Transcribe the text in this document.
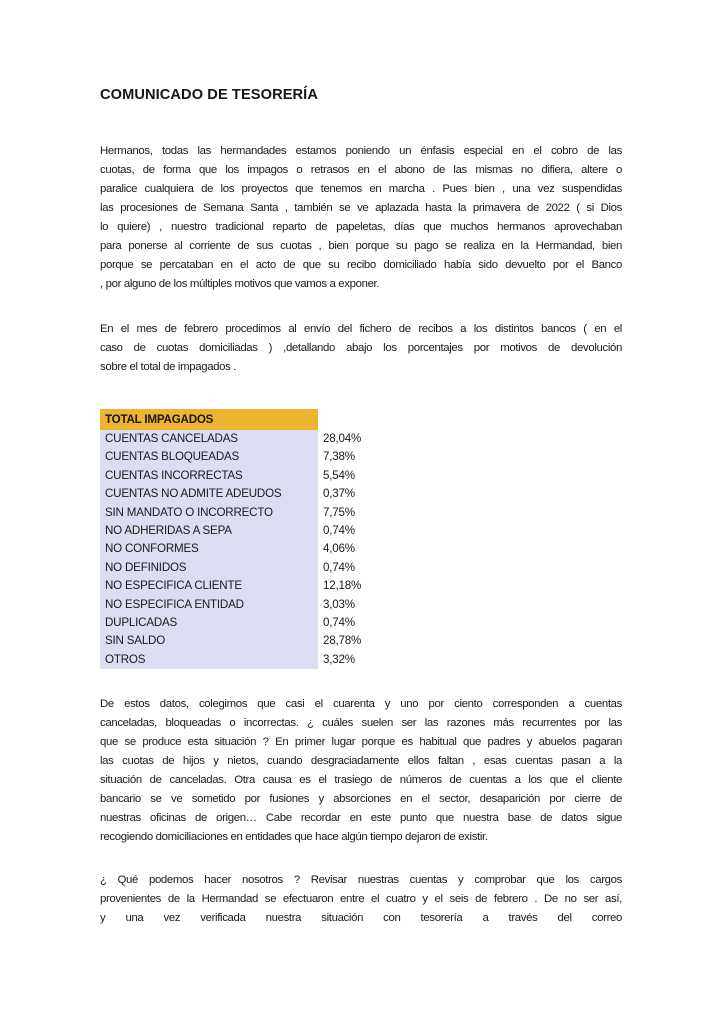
COMUNICADO DE TESORERÍA
Hermanos, todas las hermandades estamos poniendo un énfasis especial en el cobro de las
cuotas, de forma que los impagos o retrasos en el abono de las mismas no difiera, altere o
paralice cualquiera de los proyectos que tenemos en marcha . Pues bien , una vez suspendidas
las procesiones de Semana Santa , también se ve aplazada hasta la primavera de 2022 ( si Dios
lo quiere) , nuestro tradicional reparto de papeletas, días que muchos hermanos aprovechaban
para ponerse al corriente de sus cuotas , bien porque su pago se realiza en la Hermandad, bien
porque se percataban en el acto de que su recibo domiciliado había sido devuelto por el Banco
, por alguno de los múltiples motivos que vamos a exponer.
En el mes de febrero procedimos al envío del fichero de recibos a los distintos bancos ( en el
caso de cuotas domiciliadas ) ,detallando abajo los porcentajes por motivos de devolución
sobre el total de impagados .
TOTAL IMPAGADOS
CUENTAS CANCELADAS	28,04%
CUENTAS BLOQUEADAS	7,38%
CUENTAS INCORRECTAS	5,54%
CUENTAS NO ADMITE ADEUDOS	0,37%
SIN MANDATO O INCORRECTO	7,75%
NO ADHERIDAS A SEPA	0,74%
NO CONFORMES	4,06%
NO DEFINIDOS	0,74%
NO ESPECIFICA CLIENTE	12,18%
NO ESPECIFICA ENTIDAD	3,03%
DUPLICADAS	0,74%
SIN SALDO	28,78%
OTROS	3,32%
De estos datos, colegimos que casi el cuarenta y uno por ciento corresponden a cuentas
canceladas, bloqueadas o incorrectas. ¿ cuáles suelen ser las razones más recurrentes por las
que se produce esta situación ? En primer lugar porque es habitual que padres y abuelos pagaran
las cuotas de hijos y nietos, cuando desgraciadamente ellos faltan , esas cuentas pasan a la
situación de canceladas. Otra causa es el trasiego de números de cuentas a los que el cliente
bancario se ve sometido por fusiones y absorciones en el sector, desaparición por cierre de
nuestras oficinas de origen… Cabe recordar en este punto que nuestra base de datos sigue
recogiendo domiciliaciones en entidades que hace algún tiempo dejaron de existir.
¿ Qué podemos hacer nosotros ? Revisar nuestras cuentas y comprobar que los cargos
provenientes de la Hermandad se efectuaron entre el cuatro y el seis de febrero . De no ser así,
y una vez verificada nuestra situación con tesorería a través del correo
